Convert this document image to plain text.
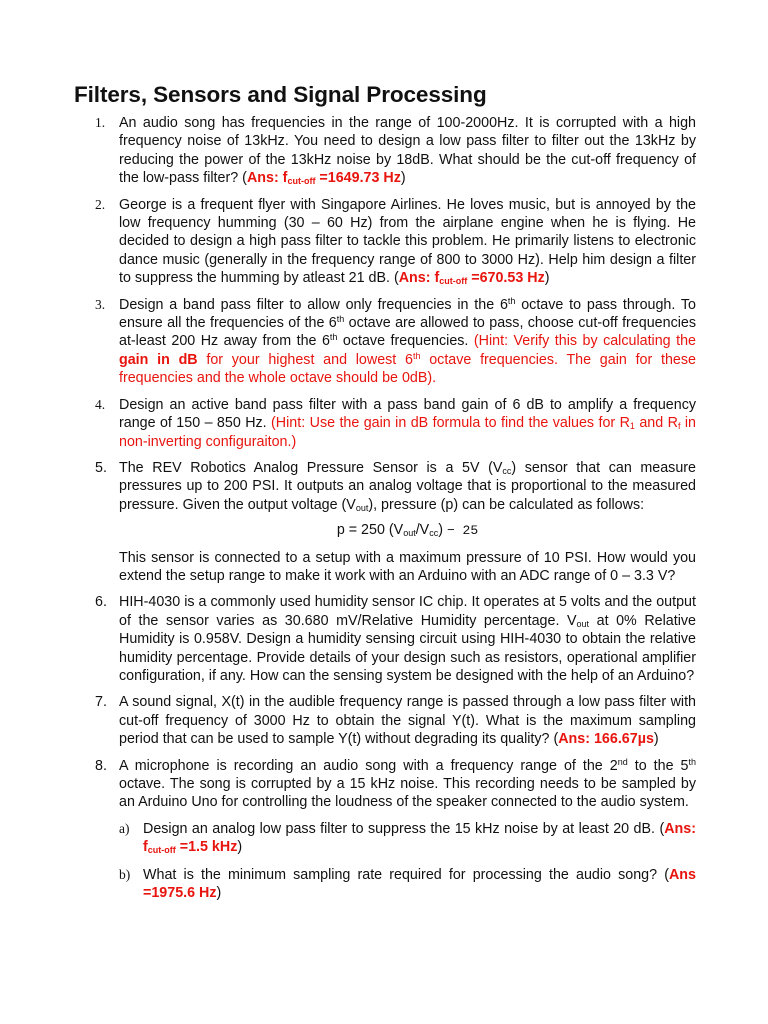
Filters, Sensors and Signal Processing
1. An audio song has frequencies in the range of 100-2000Hz. It is corrupted with a high frequency noise of 13kHz. You need to design a low pass filter to filter out the 13kHz by reducing the power of the 13kHz noise by 18dB. What should be the cut-off frequency of the low-pass filter? (Ans: $f_{cut-off} =1649.73$ Hz)
2. George is a frequent flyer with Singapore Airlines. He loves music, but is annoyed by the low frequency humming (30 – 60 Hz) from the airplane engine when he is flying. He decided to design a high pass filter to tackle this problem. He primarily listens to electronic dance music (generally in the frequency range of 800 to 3000 Hz). Help him design a filter to suppress the humming by atleast 21 dB. (Ans: $f_{cut-off} =670.53$ Hz)
3. Design a band pass filter to allow only frequencies in the 6th octave to pass through. To ensure all the frequencies of the 6th octave are allowed to pass, choose cut-off frequencies at-least 200 Hz away from the 6th octave frequencies. (Hint: Verify this by calculating the gain in dB for your highest and lowest 6th octave frequencies. The gain for these frequencies and the whole octave should be 0dB).
4. Design an active band pass filter with a pass band gain of 6 dB to amplify a frequency range of 150 – 850 Hz. (Hint: Use the gain in dB formula to find the values for $R_1$ and $R_f$ in non-inverting configuraiton.)
5. The REV Robotics Analog Pressure Sensor is a 5V $(V_{cc})$ sensor that can measure pressures up to 200 PSI. It outputs an analog voltage that is proportional to the measured pressure. Given the output voltage $(V_{out})$, pressure (p) can be calculated as follows:
p = 250 $(V_{out}/V_{cc}) - 25$
This sensor is connected to a setup with a maximum pressure of 10 PSI. How would you extend the setup range to make it work with an Arduino with an ADC range of 0 – 3.3 V?
6. HIH-4030 is a commonly used humidity sensor IC chip. It operates at 5 volts and the output of the sensor varies as 30.680 mV/Relative Humidity percentage. $V_{out}$ at 0% Relative Humidity is 0.958V. Design a humidity sensing circuit using HIH-4030 to obtain the relative humidity percentage. Provide details of your design such as resistors, operational amplifier configuration, if any. How can the sensing system be designed with the help of an Arduino?
7. A sound signal, X(t) in the audible frequency range is passed through a low pass filter with cut-off frequency of 3000 Hz to obtain the signal Y(t). What is the maximum sampling period that can be used to sample Y(t) without degrading its quality? (Ans: 166.67µs)
8. A microphone is recording an audio song with a frequency range of the 2nd to the 5th octave. The song is corrupted by a 15 kHz noise. This recording needs to be sampled by an Arduino Uno for controlling the loudness of the speaker connected to the audio system.
a) Design an analog low pass filter to suppress the 15 kHz noise by at least 20 dB. (Ans: $f_{cut-off} =1.5$ kHz)
b) What is the minimum sampling rate required for processing the audio song? (Ans =1975.6 Hz)
